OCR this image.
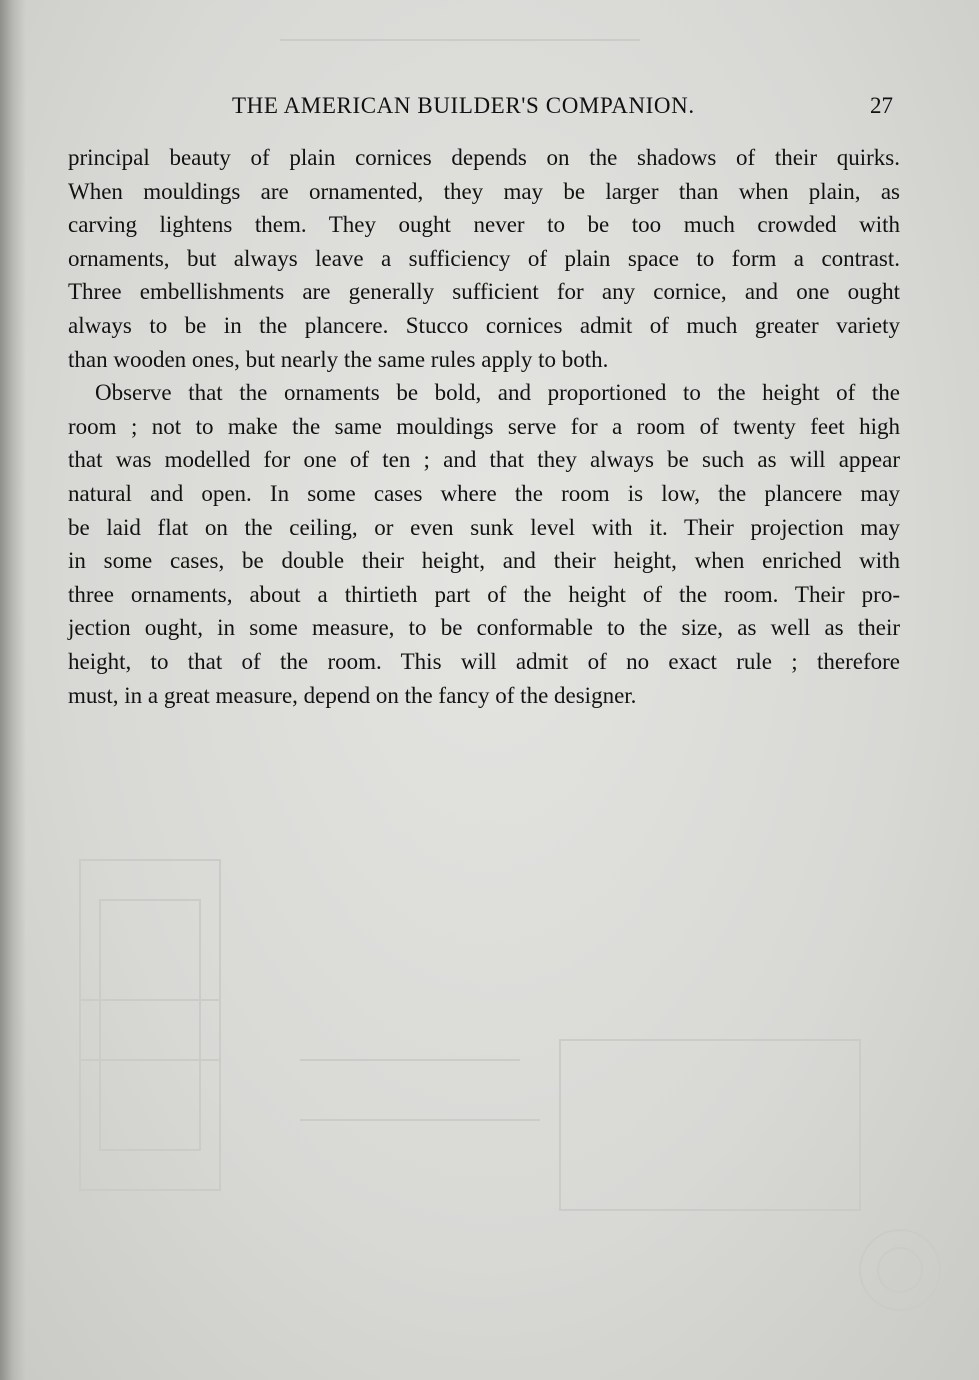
THE AMERICAN BUILDER'S COMPANION.	27
principal beauty of plain cornices depends on the shadows of their quirks.
When mouldings are ornamented, they may be larger than when plain, as
carving lightens them. They ought never to be too much crowded with
ornaments, but always leave a sufficiency of plain space to form a contrast.
Three embellishments are generally sufficient for any cornice, and one ought
always to be in the plancere. Stucco cornices admit of much greater variety
than wooden ones, but nearly the same rules apply to both.
Observe that the ornaments be bold, and proportioned to the height of the
room ; not to make the same mouldings serve for a room of twenty feet high
that was modelled for one of ten ; and that they always be such as will appear
natural and open. In some cases where the room is low, the plancere may
be laid flat on the ceiling, or even sunk level with it. Their projection may
in some cases, be double their height, and their height, when enriched with
three ornaments, about a thirtieth part of the height of the room. Their pro-
jection ought, in some measure, to be conformable to the size, as well as their
height, to that of the room. This will admit of no exact rule ; therefore
must, in a great measure, depend on the fancy of the designer.
